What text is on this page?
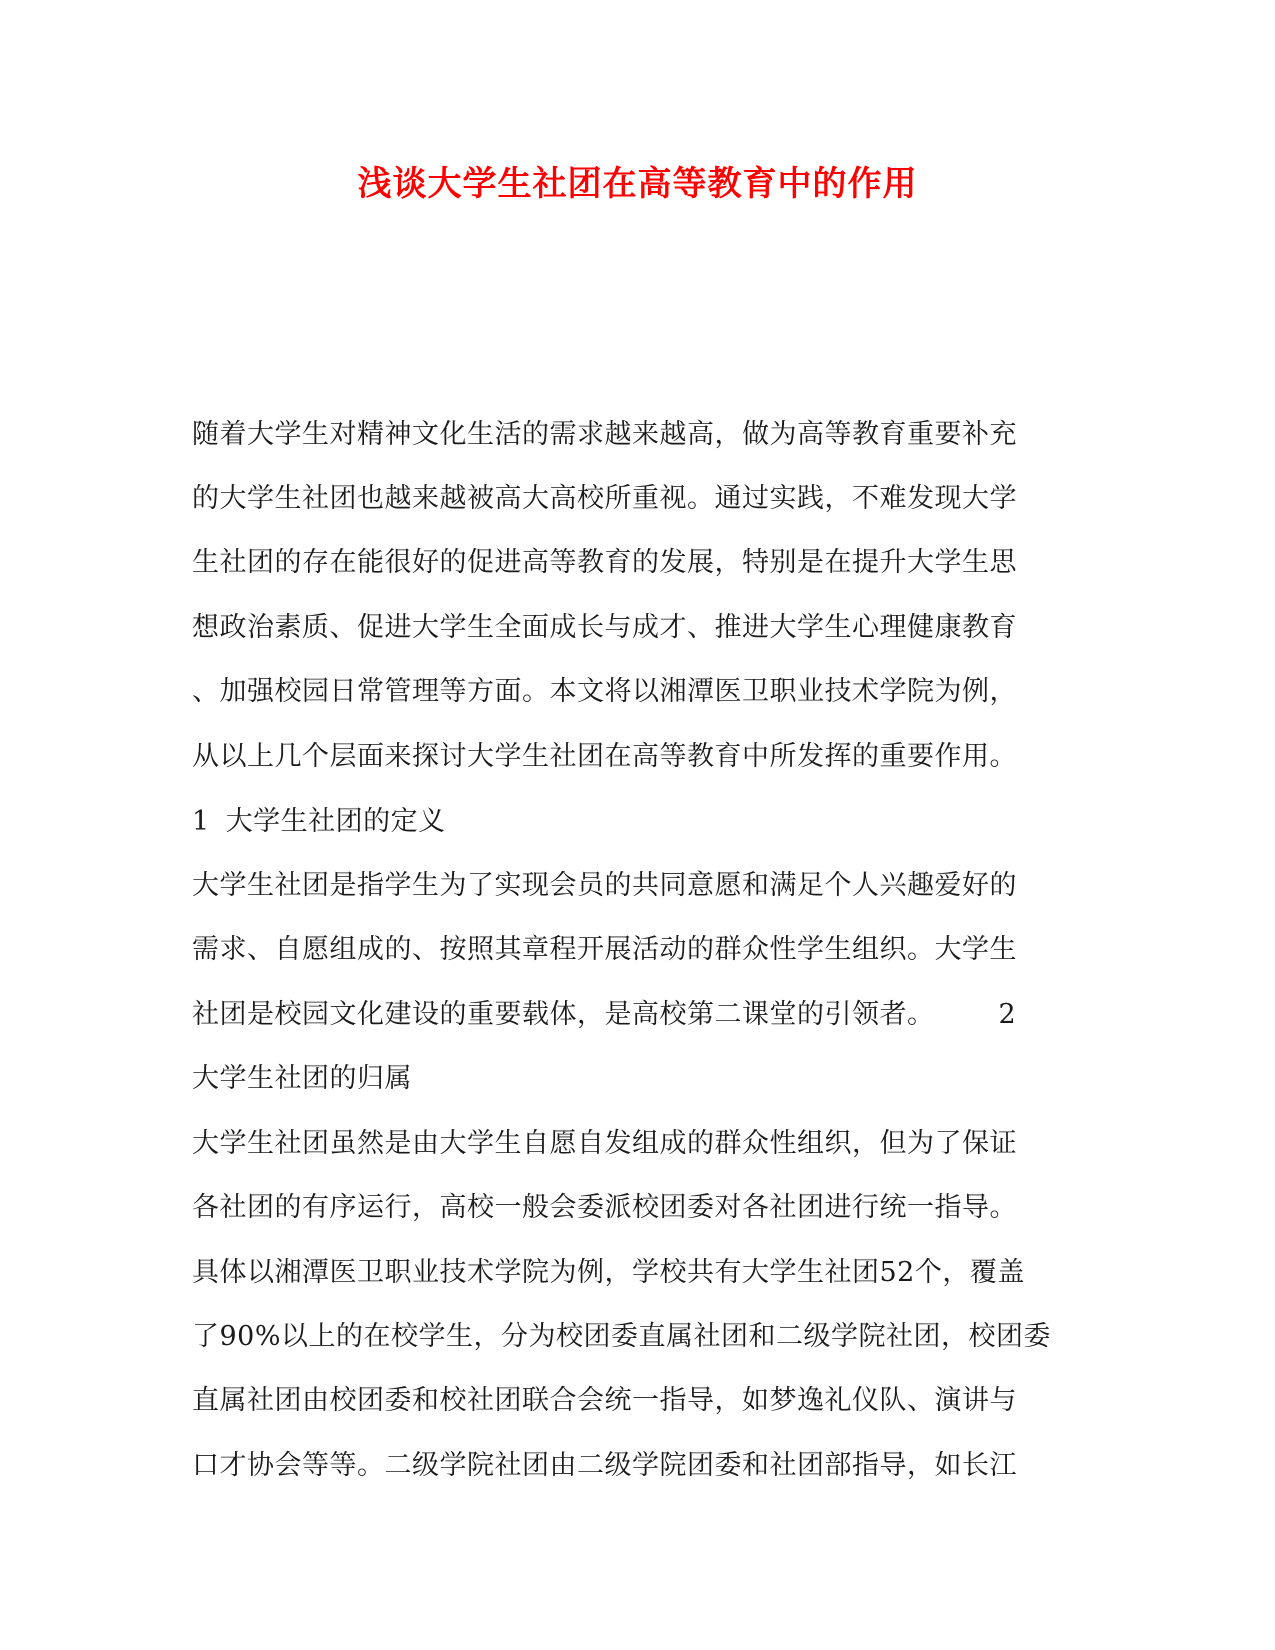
浅谈大学生社团在高等教育中的作用
随着大学生对精神文化生活的需求越来越高，做为高等教育重要补充
的大学生社团也越来越被高大高校所重视。通过实践，不难发现大学
生社团的存在能很好的促进高等教育的发展，特别是在提升大学生思
想政治素质、促进大学生全面成长与成才、推进大学生心理健康教育
、加强校园日常管理等方面。本文将以湘潭医卫职业技术学院为例，
从以上几个层面来探讨大学生社团在高等教育中所发挥的重要作用。
1 大学生社团的定义
大学生社团是指学生为了实现会员的共同意愿和满足个人兴趣爱好的
需求、自愿组成的、按照其章程开展活动的群众性学生组织。大学生
社团是校园文化建设的重要载体，是高校第二课堂的引领者。 2
大学生社团的归属
大学生社团虽然是由大学生自愿自发组成的群众性组织，但为了保证
各社团的有序运行，高校一般会委派校团委对各社团进行统一指导。
具体以湘潭医卫职业技术学院为例，学校共有大学生社团52个，覆盖
了90%以上的在校学生，分为校团委直属社团和二级学院社团，校团委
直属社团由校团委和校社团联合会统一指导，如梦逸礼仪队、演讲与
口才协会等等。二级学院社团由二级学院团委和社团部指导，如长江
